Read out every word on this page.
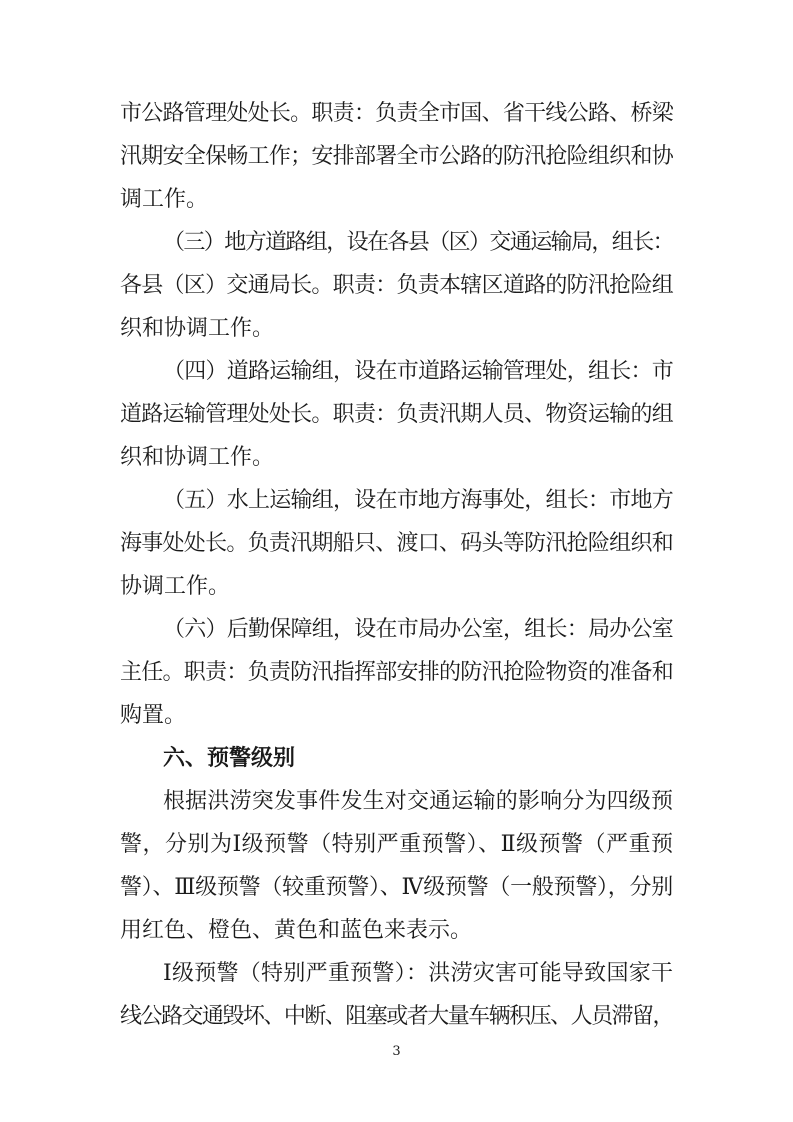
市公路管理处处长。职责：负责全市国、省干线公路、桥梁
汛期安全保畅工作；安排部署全市公路的防汛抢险组织和协
调工作。
（三）地方道路组，设在各县（区）交通运输局，组长：
各县（区）交通局长。职责：负责本辖区道路的防汛抢险组
织和协调工作。
（四）道路运输组，设在市道路运输管理处，组长：市
道路运输管理处处长。职责：负责汛期人员、物资运输的组
织和协调工作。
（五）水上运输组，设在市地方海事处，组长：市地方
海事处处长。负责汛期船只、渡口、码头等防汛抢险组织和
协调工作。
（六）后勤保障组，设在市局办公室，组长：局办公室
主任。职责：负责防汛指挥部安排的防汛抢险物资的准备和
购置。
六、预警级别
根据洪涝突发事件发生对交通运输的影响分为四级预
警，分别为Ⅰ级预警（特别严重预警）、Ⅱ级预警（严重预
警）、Ⅲ级预警（较重预警）、Ⅳ级预警（一般预警），分别
用红色、橙色、黄色和蓝色来表示。
Ⅰ级预警（特别严重预警）：洪涝灾害可能导致国家干
线公路交通毁坏、中断、阻塞或者大量车辆积压、人员滞留，
3
